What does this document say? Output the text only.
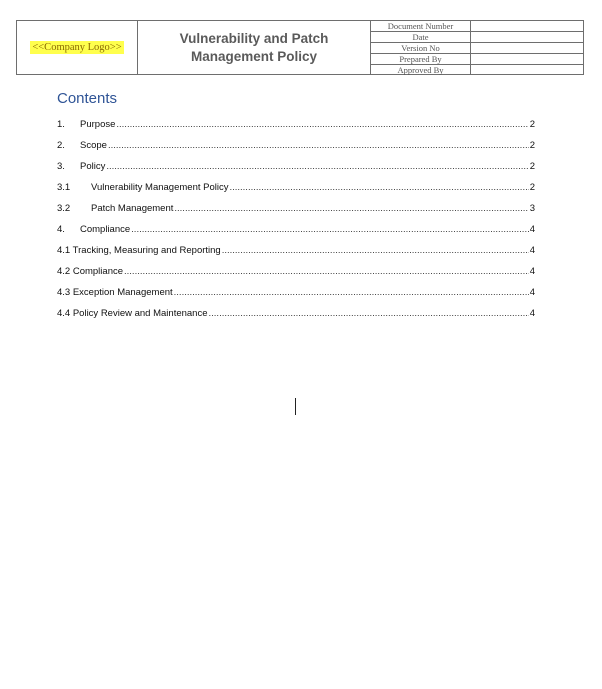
<<Company Logo>>
Vulnerability and Patch
Management Policy
Document Number
Date
Version No
Prepared By
Approved By
Contents
1.	Purpose .....	2
2.	Scope .....	2
3.	Policy .....	2
3.1	Vulnerability Management Policy .....	2
3.2	Patch Management .....	3
4.	Compliance .....	4
4.1 Tracking, Measuring and Reporting .....	4
4.2 Compliance .....	4
4.3 Exception Management .....	4
4.4 Policy Review and Maintenance .....	4
